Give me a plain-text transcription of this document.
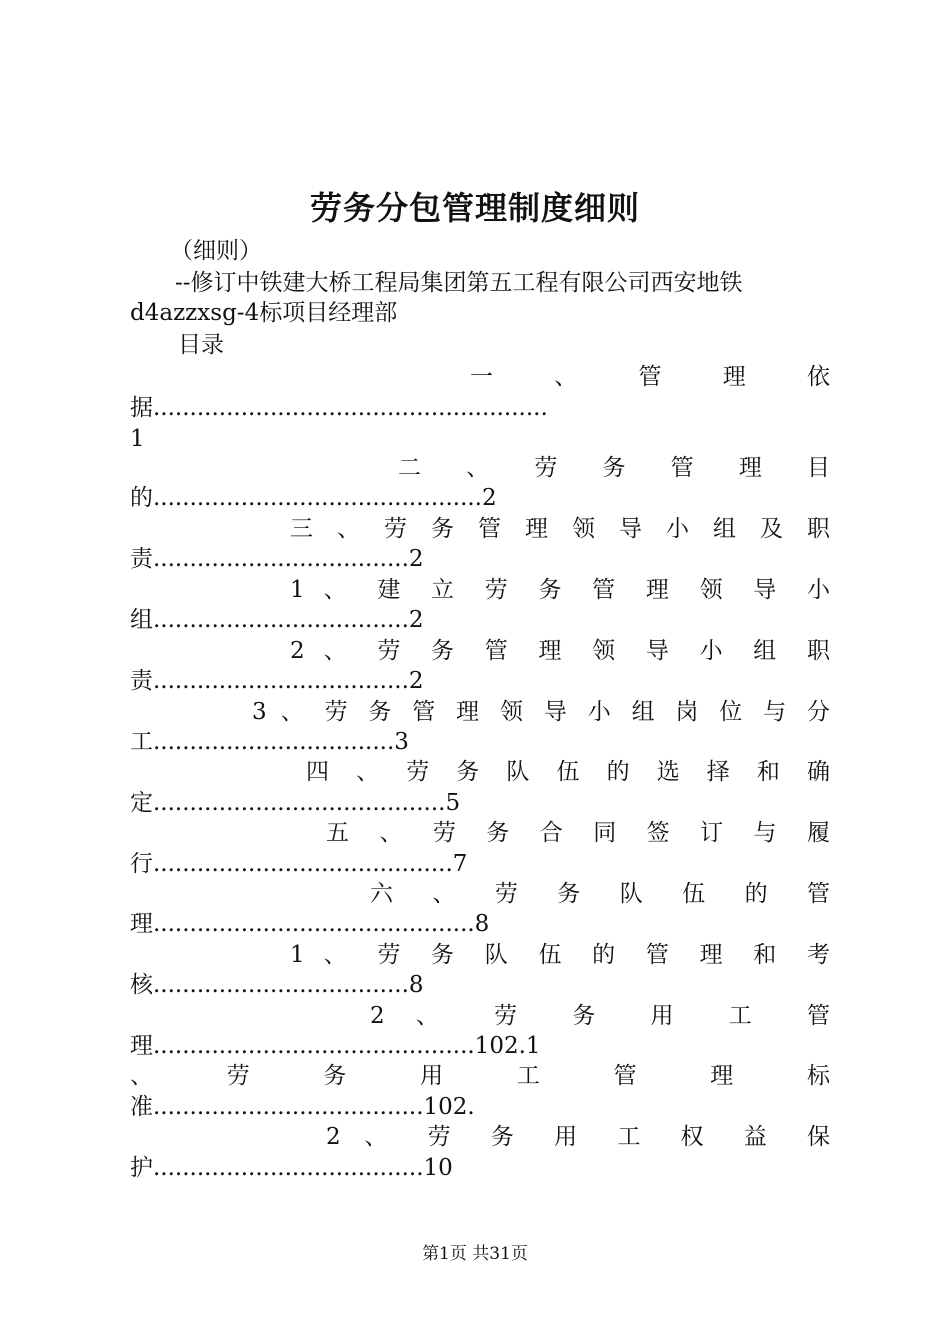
劳务分包管理制度细则
（细则）
--修订中铁建大桥工程局集团第五工程有限公司西安地铁
d4azzxsg-4标项目经理部
目录
一 、 管 理 依
据......................................................
1
二 、 劳 务 管 理 目
的.............................................2
三 、 劳 务 管 理 领 导 小 组 及 职
责...................................2
1 、 建 立 劳 务 管 理 领 导 小
组...................................2
2 、 劳 务 管 理 领 导 小 组 职
责...................................2
3 、 劳 务 管 理 领 导 小 组 岗 位 与 分
工.................................3
四 、 劳 务 队 伍 的 选 择 和 确
定........................................5
五 、 劳 务 合 同 签 订 与 履
行.........................................7
六 、 劳 务 队 伍 的 管
理............................................8
1 、 劳 务 队 伍 的 管 理 和 考
核...................................8
2 、 劳 务 用 工 管
理............................................102.1
、 劳 务 用 工 管 理 标
准.....................................102.
2 、 劳 务 用 工 权 益 保
护.....................................10
第1页 共31页
